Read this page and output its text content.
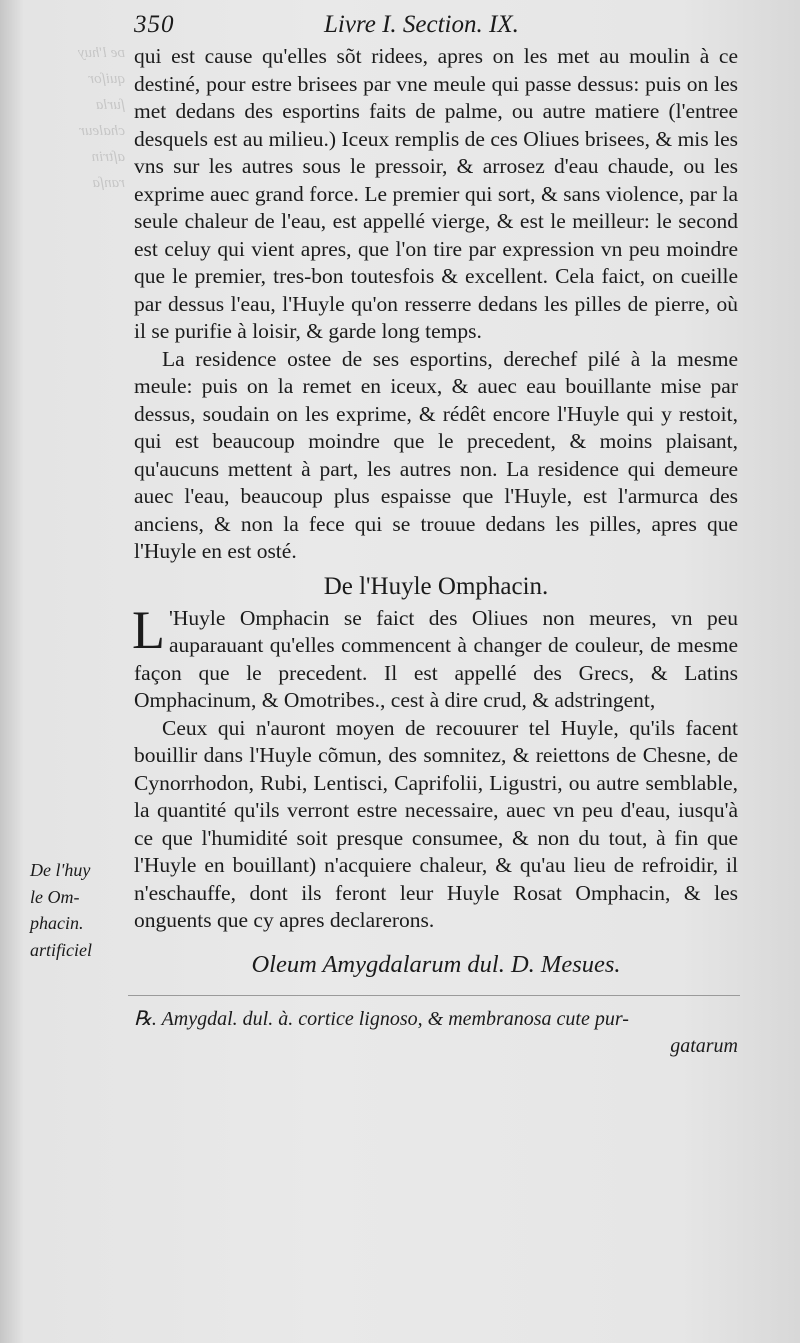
ᴅe l'huy
quiſor
ſurla
chaleur
aſtrin
ranſa
350	Livre I. Section. IX.
De l'huy
le Om-
phacin.
artificiel

qui est cause qu'elles sõt ridees, apres on les met au moulin à ce destiné, pour estre brisees par vne meule qui passe dessus: puis on les met dedans des esportins faits de palme, ou autre matiere (l'entree desquels est au milieu.) Iceux remplis de ces Oliues brisees, & mis les vns sur les autres sous le pressoir, & arrosez d'eau chaude, ou les exprime auec grand force. Le premier qui sort, & sans violence, par la seule chaleur de l'eau, est appellé vierge, & est le meilleur: le second est celuy qui vient apres, que l'on tire par expression vn peu moindre que le premier, tres-bon toutesfois & excellent. Cela faict, on cueille par dessus l'eau, l'Huyle qu'on resserre dedans les pilles de pierre, où il se purifie à loisir, & garde long temps.

La residence ostee de ses esportins, derechef pilé à la mesme meule: puis on la remet en iceux, & auec eau bouillante mise par dessus, soudain on les exprime, & rédêt encore l'Huyle qui y restoit, qui est beaucoup moindre que le precedent, & moins plaisant, qu'aucuns mettent à part, les autres non. La residence qui demeure auec l'eau, beaucoup plus espaisse que l'Huyle, est l'armurca des anciens, & non la fece qui se trouue dedans les pilles, apres que l'Huyle en est osté.

De l'Huyle Omphacin.

L 'Huyle Omphacin se faict des Oliues non meures, vn peu auparauant qu'elles commencent à changer de couleur, de mesme façon que le precedent. Il est appellé des Grecs, & Latins Omphacinum, & Omotribes., cest à dire crud, & adstringent,

Ceux qui n'auront moyen de recouurer tel Huyle, qu'ils facent bouillir dans l'Huyle cõmun, des somnitez, & reiettons de Chesne, de Cynorrhodon, Rubi, Lentisci, Caprifolii, Ligustri, ou autre semblable, la quantité qu'ils verront estre necessaire, auec vn peu d'eau, iusqu'à ce que l'humidité soit presque consumee, & non du tout, à fin que l'Huyle en bouillant) n'acquiere chaleur, & qu'au lieu de refroidir, il n'eschauffe, dont ils feront leur Huyle Rosat Omphacin, & les onguents que cy apres declarerons.

Oleum Amygdalarum dul. D. Mesues.
℞. Amygdal. dul. à. cortice lignoso, & membranosa cute pur-
gatarum
